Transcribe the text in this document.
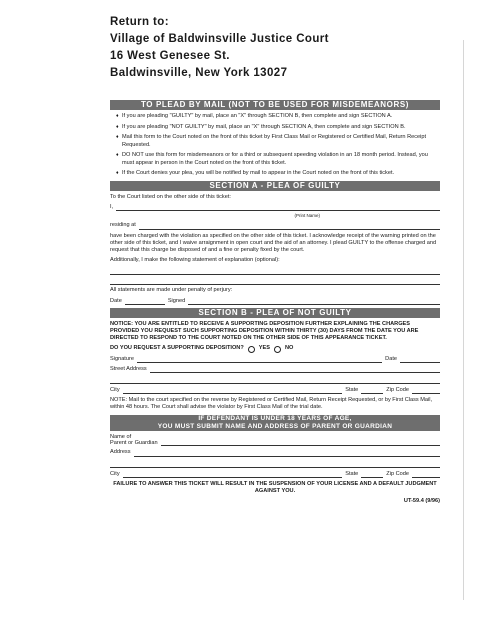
Return to:
Village of Baldwinsville Justice Court
16 West Genesee St.
Baldwinsville, New York 13027
TO PLEAD BY MAIL (NOT TO BE USED FOR MISDEMEANORS)
♦ If you are pleading "GUILTY" by mail, place an "X" through SECTION B, then complete and sign SECTION A.
♦ If you are pleading "NOT GUILTY" by mail, place an "X" through SECTION A, then complete and sign SECTION B.
♦ Mail this form to the Court noted on the front of this ticket by First Class Mail or Registered or Certified Mail, Return Receipt Requested.
♦ DO NOT use this form for misdemeanors or for a third or subsequent speeding violation in an 18 month period. Instead, you must appear in person in the Court noted on the front of this ticket.
♦ If the Court denies your plea, you will be notified by mail to appear in the Court noted on the front of this ticket.
SECTION A - PLEA OF GUILTY

To the Court listed on the other side of this ticket:

I,
(Print Name)
residing at

have been charged with the violation as specified on the other side of this ticket. I acknowledge receipt of the warning printed on the other side of this ticket, and I waive arraignment in open court and the aid of an attorney. I plead GUILTY to the offense charged and request that this charge be disposed of and a fine or penalty fixed by the court.

Additionally, I make the following statement of explanation (optional):

All statements are made under penalty of perjury:

Date	Signed
SECTION B - PLEA OF NOT GUILTY

NOTICE: YOU ARE ENTITLED TO RECEIVE A SUPPORTING DEPOSITION FURTHER EXPLAINING THE CHARGES PROVIDED YOU REQUEST SUCH SUPPORTING DEPOSITION WITHIN THIRTY (30) DAYS FROM THE DATE YOU ARE DIRECTED TO RESPOND TO THE COURT NOTED ON THE OTHER SIDE OF THIS APPEARANCE TICKET.

DO YOU REQUEST A SUPPORTING DEPOSITION?	YES	NO
Signature	Date
Street Address
City	State	Zip Code

NOTE: Mail to the court specified on the reverse by Registered or Certified Mail, Return Receipt Requested, or by First Class Mail, within 48 hours. The Court shall advise the violator by First Class Mail of the trial date.

IF DEFENDANT IS UNDER 18 YEARS OF AGE,
YOU MUST SUBMIT NAME AND ADDRESS OF PARENT OR GUARDIAN
Name of
Parent or Guardian
Address
City	State	Zip Code

FAILURE TO ANSWER THIS TICKET WILL RESULT IN THE SUSPENSION OF YOUR LICENSE AND A DEFAULT JUDGMENT AGAINST YOU.

UT-59.4 (9/96)
